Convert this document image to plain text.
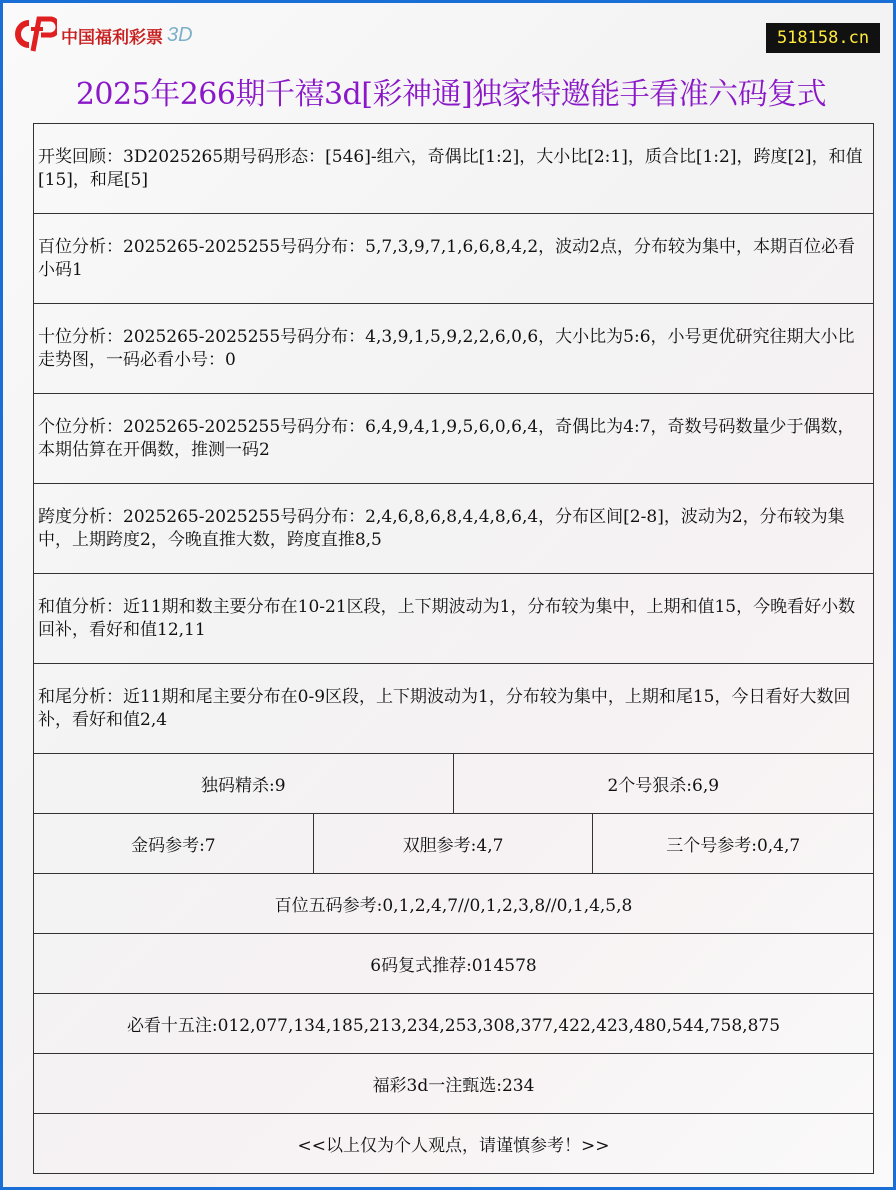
中国福利彩票 3D	518158.cn
2025年266期千禧3d[彩神通]独家特邀能手看准六码复式
开奖回顾：3D2025265期号码形态：[546]-组六，奇偶比[1:2]，大小比[2:1]，质合比[1:2]，跨度[2]，和值[15]，和尾[5]			
百位分析：2025265-2025255号码分布：5,7,3,9,7,1,6,6,8,4,2，波动2点，分布较为集中，本期百位必看小码1			
十位分析：2025265-2025255号码分布：4,3,9,1,5,9,2,2,6,0,6，大小比为5:6，小号更优研究往期大小比走势图，一码必看小号：0			
个位分析：2025265-2025255号码分布：6,4,9,4,1,9,5,6,0,6,4，奇偶比为4:7，奇数号码数量少于偶数，本期估算在开偶数，推测一码2			
跨度分析：2025265-2025255号码分布：2,4,6,8,6,8,4,4,8,6,4，分布区间[2-8]，波动为2，分布较为集中，上期跨度2，今晚直推大数，跨度直推8,5			
和值分析：近11期和数主要分布在10-21区段，上下期波动为1，分布较为集中，上期和值15，今晚看好小数回补，看好和值12,11			
和尾分析：近11期和尾主要分布在0-9区段，上下期波动为1，分布较为集中，上期和尾15，今日看好大数回补，看好和值2,4			
独码精杀:9		2个号狠杀:6,9	
金码参考:7	双胆参考:4,7		三个号参考:0,4,7
百位五码参考:0,1,2,4,7//0,1,2,3,8//0,1,4,5,8			
6码复式推荐:014578			
必看十五注:012,077,134,185,213,234,253,308,377,422,423,480,544,758,875			
福彩3d一注甄选:234			
<<以上仅为个人观点，请谨慎参考！>>			
